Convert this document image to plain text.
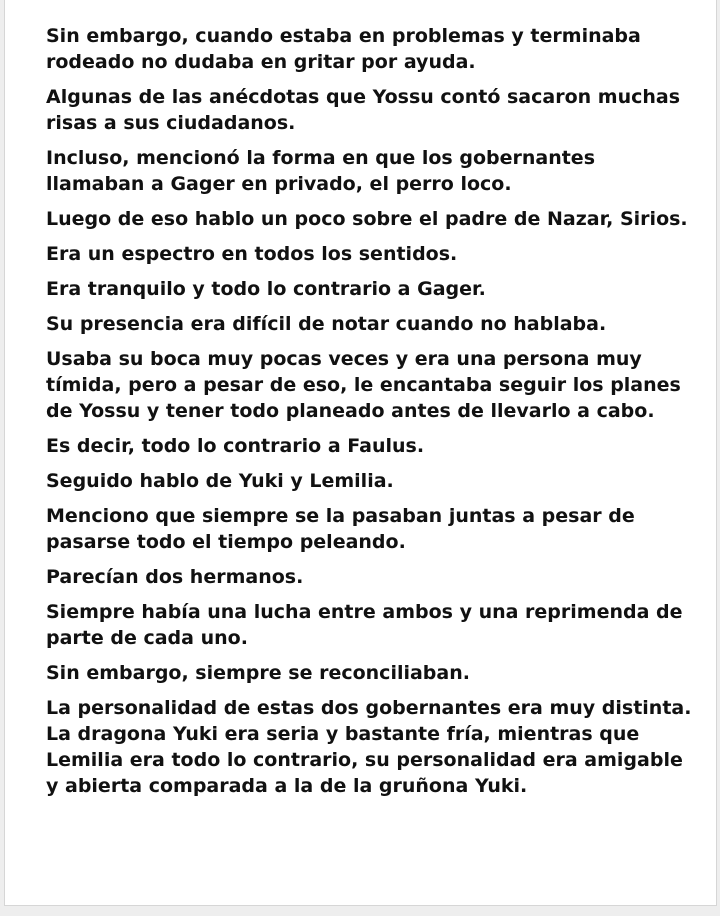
Sin embargo, cuando estaba en problemas y terminaba rodeado no dudaba en gritar por ayuda.

Algunas de las anécdotas que Yossu contó sacaron muchas risas a sus ciudadanos.

Incluso, mencionó la forma en que los gobernantes llamaban a Gager en privado, el perro loco.

Luego de eso hablo un poco sobre el padre de Nazar, Sirios.

Era un espectro en todos los sentidos.

Era tranquilo y todo lo contrario a Gager.

Su presencia era difícil de notar cuando no hablaba.

Usaba su boca muy pocas veces y era una persona muy tímida, pero a pesar de eso, le encantaba seguir los planes de Yossu y tener todo planeado antes de llevarlo a cabo.

Es decir, todo lo contrario a Faulus.

Seguido hablo de Yuki y Lemilia.

Menciono que siempre se la pasaban juntas a pesar de pasarse todo el tiempo peleando.

Parecían dos hermanos.

Siempre había una lucha entre ambos y una reprimenda de parte de cada uno.

Sin embargo, siempre se reconciliaban.

La personalidad de estas dos gobernantes era muy distinta. La dragona Yuki era seria y bastante fría, mientras que Lemilia era todo lo contrario, su personalidad era amigable y abierta comparada a la de la gruñona Yuki.
